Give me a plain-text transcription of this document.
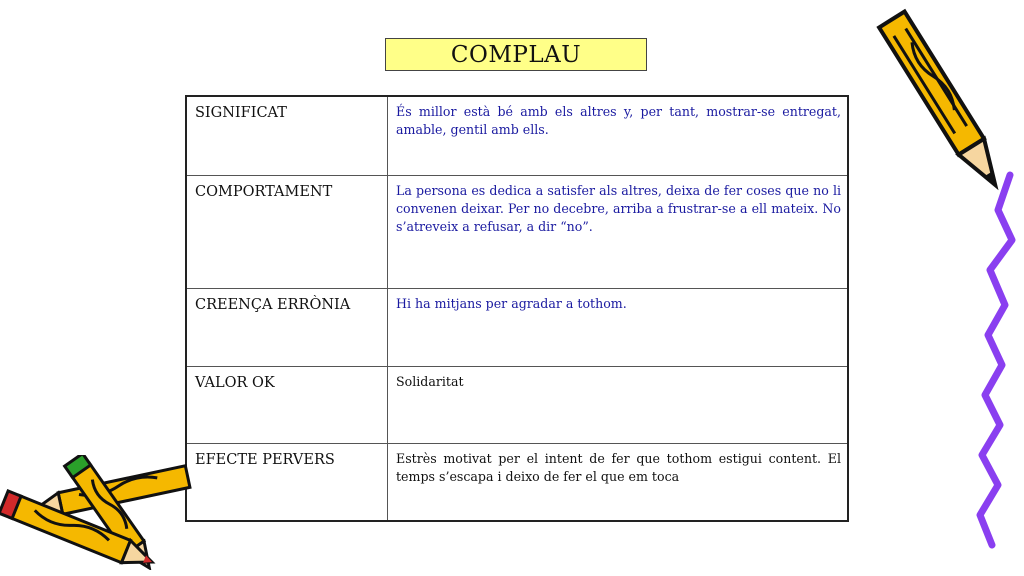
COMPLAU
SIGNIFICAT	És millor està bé amb els altres y, per tant, mostrar-se entregat, amable, gentil amb ells.
COMPORTAMENT	La persona es dedica a satisfer als altres, deixa de fer coses que no li convenen deixar. Per no decebre, arriba a frustrar-se a ell mateix. No s’atreveix a refusar, a dir “no”.
CREENÇA ERRÒNIA	Hi ha mitjans per agradar a tothom.
VALOR OK	Solidaritat
EFECTE PERVERS	Estrès motivat per el intent de fer que tothom estigui content. El temps s’escapa i deixo de fer el que em toca
